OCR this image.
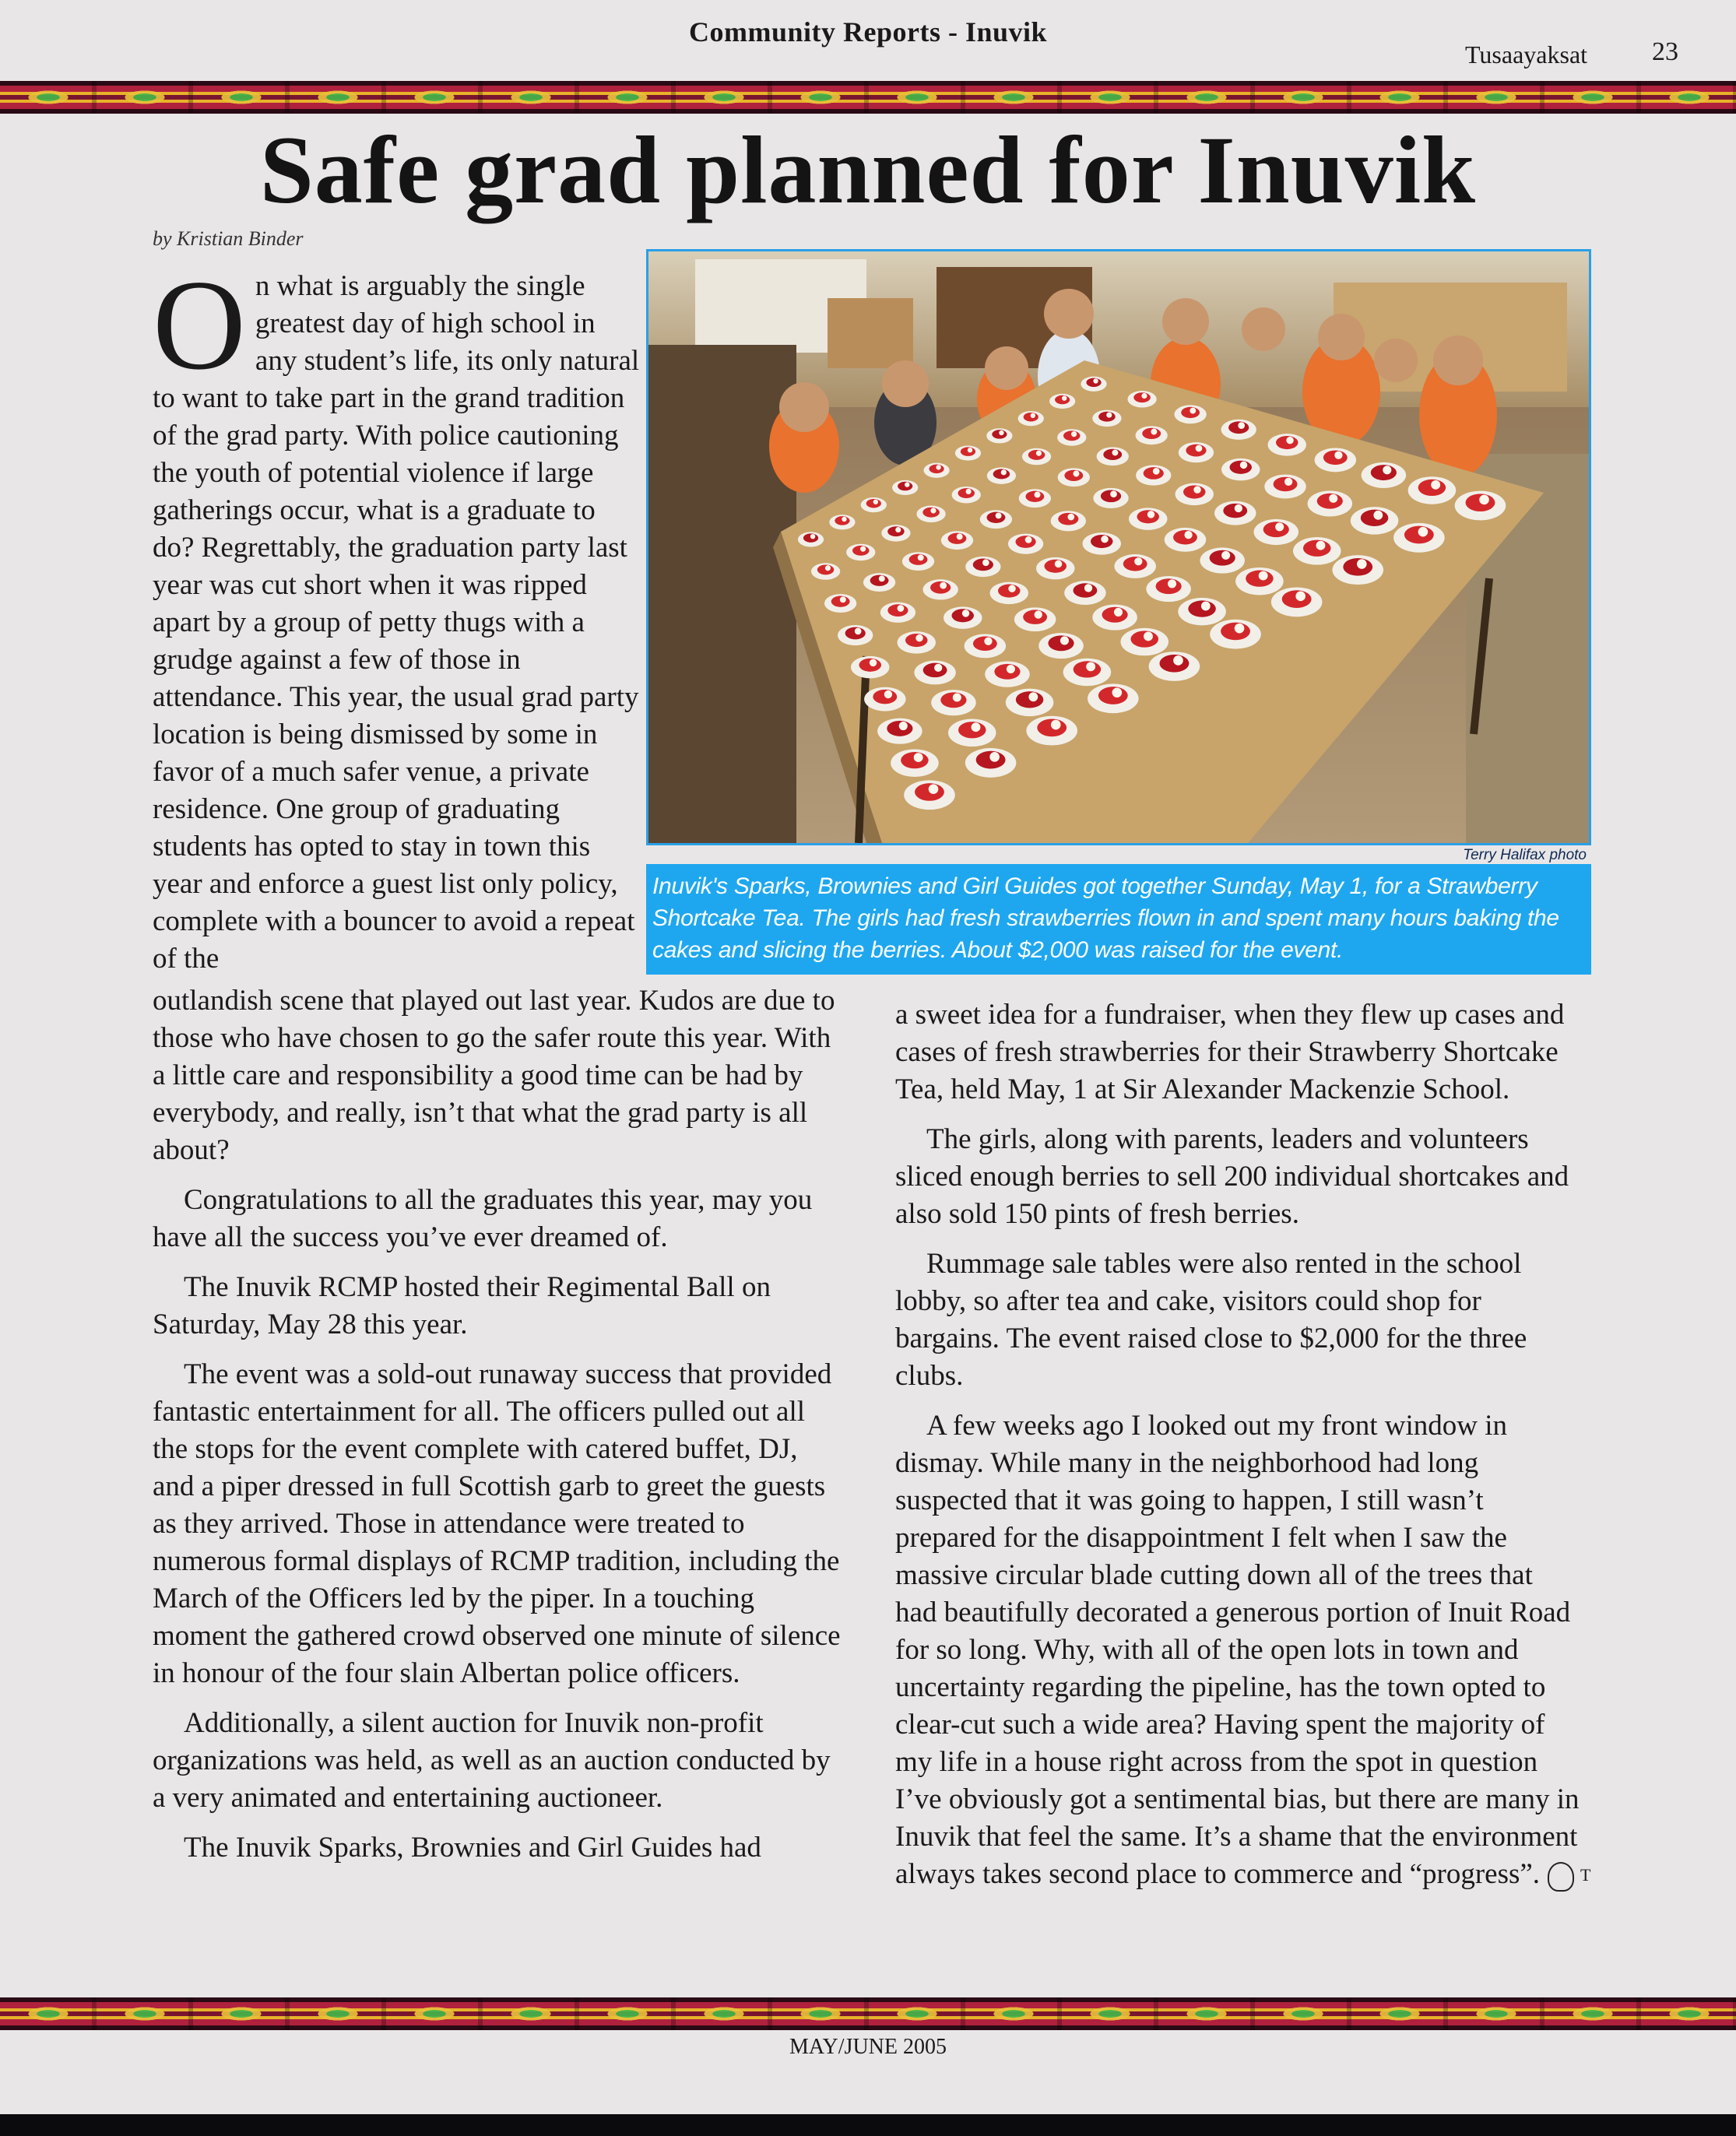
Community Reports - Inuvik
Tusaayaksat 23
Safe grad planned for Inuvik
by Kristian Binder

On what is arguably the single greatest day of high school in any student’s life, its only natural to want to take part in the grand tradition of the grad party. With police cautioning the youth of potential violence if large gatherings occur, what is a graduate to do? Regrettably, the graduation party last year was cut short when it was ripped apart by a group of petty thugs with a grudge against a few of those in attendance. This year, the usual grad party location is being dismissed by some in favor of a much safer venue, a private residence. One group of graduating students has opted to stay in town this year and enforce a guest list only policy, complete with a bouncer to avoid a repeat of the

Terry Halifax photo
Inuvik's Sparks, Brownies and Girl Guides got together Sunday, May 1, for a Strawberry Shortcake Tea. The girls had fresh strawberries flown in and spent many hours baking the cakes and slicing the berries. About $2,000 was raised for the event.

outlandish scene that played out last year. Kudos are due to those who have chosen to go the safer route this year. With a little care and responsibility a good time can be had by everybody, and really, isn’t that what the grad party is all about?

Congratulations to all the graduates this year, may you have all the success you’ve ever dreamed of.

The Inuvik RCMP hosted their Regimental Ball on Saturday, May 28 this year.

The event was a sold-out runaway success that provided fantastic entertainment for all. The officers pulled out all the stops for the event complete with catered buffet, DJ, and a piper dressed in full Scottish garb to greet the guests as they arrived. Those in attendance were treated to numerous formal displays of RCMP tradition, including the March of the Officers led by the piper. In a touching moment the gathered crowd observed one minute of silence in honour of the four slain Albertan police officers.

Additionally, a silent auction for Inuvik non-profit organizations was held, as well as an auction conducted by a very animated and entertaining auctioneer.

The Inuvik Sparks, Brownies and Girl Guides had

a sweet idea for a fundraiser, when they flew up cases and cases of fresh strawberries for their Strawberry Shortcake Tea, held May, 1 at Sir Alexander Mackenzie School.

The girls, along with parents, leaders and volunteers sliced enough berries to sell 200 individual shortcakes and also sold 150 pints of fresh berries.

Rummage sale tables were also rented in the school lobby, so after tea and cake, visitors could shop for bargains. The event raised close to $2,000 for the three clubs.

A few weeks ago I looked out my front window in dismay. While many in the neighborhood had long suspected that it was going to happen, I still wasn’t prepared for the disappointment I felt when I saw the massive circular blade cutting down all of the trees that had beautifully decorated a generous portion of Inuit Road for so long. Why, with all of the open lots in town and uncertainty regarding the pipeline, has the town opted to clear-cut such a wide area? Having spent the majority of my life in a house right across from the spot in question I’ve obviously got a sentimental bias, but there are many in Inuvik that feel the same. It’s a shame that the environment always takes second place to commerce and “progress”. T

MAY/JUNE 2005
